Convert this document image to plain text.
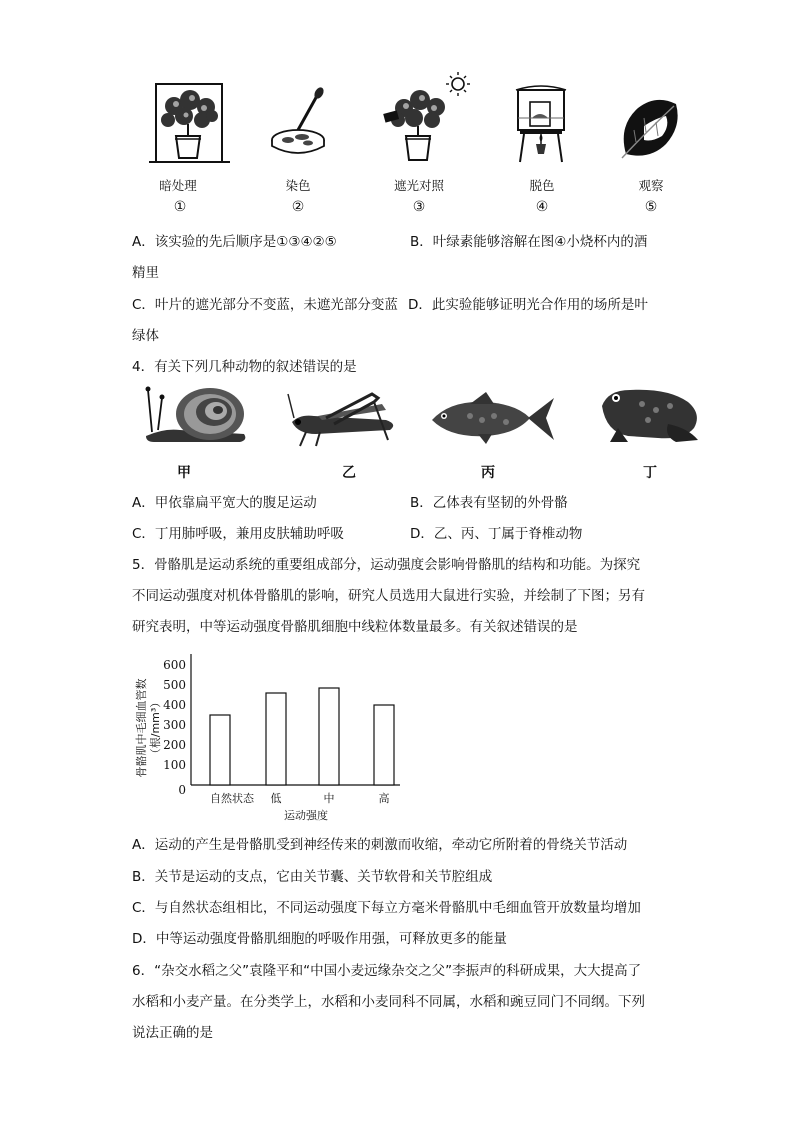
暗处理	染色	遮光对照	脱色	观察
①	②	③	④	⑤
A．该实验的先后顺序是①③④②⑤	B．叶绿素能够溶解在图④小烧杯内的酒
精里
C．叶片的遮光部分不变蓝，未遮光部分变蓝 D．此实验能够证明光合作用的场所是叶
绿体
4．有关下列几种动物的叙述错误的是
甲	乙	丙	丁
A．甲依靠扁平宽大的腹足运动	B．乙体表有坚韧的外骨骼
C．丁用肺呼吸，兼用皮肤辅助呼吸	D．乙、丙、丁属于脊椎动物
5．骨骼肌是运动系统的重要组成部分，运动强度会影响骨骼肌的结构和功能。为探究
不同运动强度对机体骨骼肌的影响，研究人员选用大鼠进行实验，并绘制了下图；另有
研究表明，中等运动强度骨骼肌细胞中线粒体数量最多。有关叙述错误的是
骨骼肌中毛细血管数 （根/mm³）
0
100
200
300
400
500
600
自然状态 低	中	高
运动强度
A．运动的产生是骨骼肌受到神经传来的刺激而收缩，牵动它所附着的骨绕关节活动
B．关节是运动的支点，它由关节囊、关节软骨和关节腔组成
C．与自然状态组相比，不同运动强度下每立方毫米骨骼肌中毛细血管开放数量均增加
D．中等运动强度骨骼肌细胞的呼吸作用强，可释放更多的能量
6．“杂交水稻之父”袁隆平和“中国小麦远缘杂交之父”李振声的科研成果，大大提高了
水稻和小麦产量。在分类学上，水稻和小麦同科不同属，水稻和豌豆同门不同纲。下列
说法正确的是
